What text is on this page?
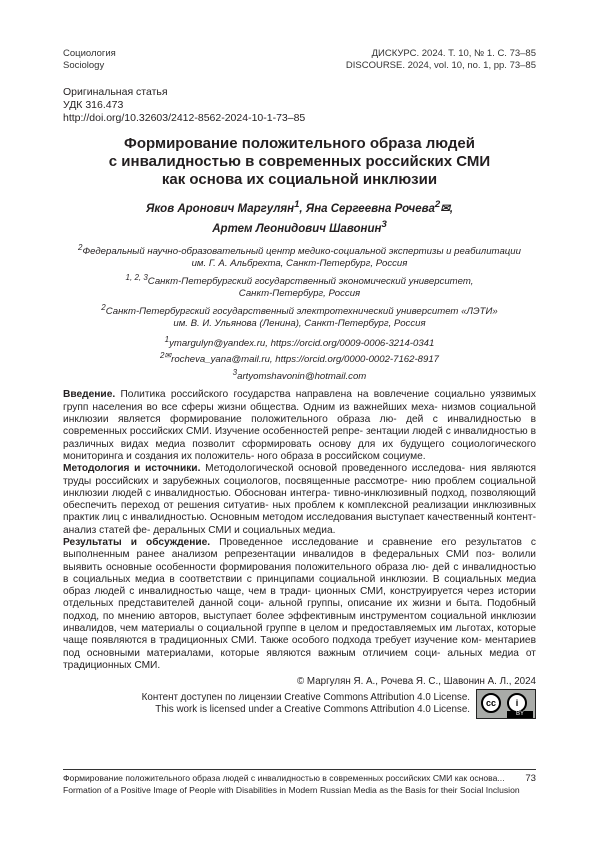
Социология
Sociology
ДИСКУРС. 2024. Т. 10, № 1. С. 73–85
DISCOURSE. 2024, vol. 10, no. 1, pp. 73–85
Оригинальная статья
УДК 316.473
http://doi.org/10.32603/2412-8562-2024-10-1-73–85
Формирование положительного образа людей
с инвалидностью в современных российских СМИ
как основа их социальной инклюзии
Яков Аронович Маргулян$^1$, Яна Сергеевна Рочева$^2$✉,
Артем Леонидович Шавонин$^3$

$^2$Федеральный научно-образовательный центр медико-социальной экспертизы и реабилитации
им. Г. А. Альбрехта, Санкт-Петербург, Россия

$^{1, 2, 3}$Санкт-Петербургский государственный экономический университет,
Санкт-Петербург, Россия

$^2$Санкт-Петербургский государственный электротехнический университет «ЛЭТИ»
им. В. И. Ульянова (Ленина), Санкт-Петербург, Россия

$^1$ymargulyn@yandex.ru, https://orcid.org/0009-0006-3214-0341

$^{2✉}$rocheva_yana@mail.ru, https://orcid.org/0000-0002-7162-8917

$^3$artyomshavonin@hotmail.com

Введение. Политика российского государства направлена на вовлечение социально уязвимых групп населения во все сферы жизни общества. Одним из важнейших меха- низмов социальной инклюзии является формирование положительного образа лю- дей с инвалидностью в современных российских СМИ. Изучение особенностей репре- зентации людей с инвалидностью в различных видах медиа позволит сформировать основу для их будущего социологического мониторинга и создания их положитель- ного образа в российском социуме.

Методология и источники. Методологической основой проведенного исследова- ния являются труды российских и зарубежных социологов, посвященные рассмотре- нию проблем социальной инклюзии людей с инвалидностью. Обоснован интегра- тивно-инклюзивный подход, позволяющий обеспечить переход от решения ситуатив- ных проблем к комплексной реализации инклюзивных практик лиц с инвалидностью. Основным методом исследования выступает качественный контент-анализ статей фе- деральных СМИ и социальных медиа.

Результаты и обсуждение. Проведенное исследование и сравнение его результатов с выполненным ранее анализом репрезентации инвалидов в федеральных СМИ поз- волили выявить основные особенности формирования положительного образа лю- дей с инвалидностью в социальных медиа в соответствии с принципами социальной инклюзии. В социальных медиа образ людей с инвалидностью чаще, чем в тради- ционных СМИ, конструируется через истории отдельных представителей данной соци- альной группы, описание их жизни и быта. Подобный подход, по мнению авторов, выступает более эффективным инструментом социальной инклюзии инвалидов, чем материалы о социальной группе в целом и предоставляемых им льготах, которые чаще появляются в традиционных СМИ. Также особого подхода требует изучение ком- ментариев под основными материалами, которые являются важным отличием соци- альных медиа от традиционных СМИ.

© Маргулян Я. А., Рочева Я. С., Шавонин А. Л., 2024
Контент доступен по лицензии Creative Commons Attribution 4.0 License.
This work is licensed under a Creative Commons Attribution 4.0 License.
cc	i
BY
Формирование положительного образа людей с инвалидностью в современных российских СМИ как основа... 73
Formation of a Positive Image of People with Disabilities in Modern Russian Media as the Basis for their Social Inclusion
